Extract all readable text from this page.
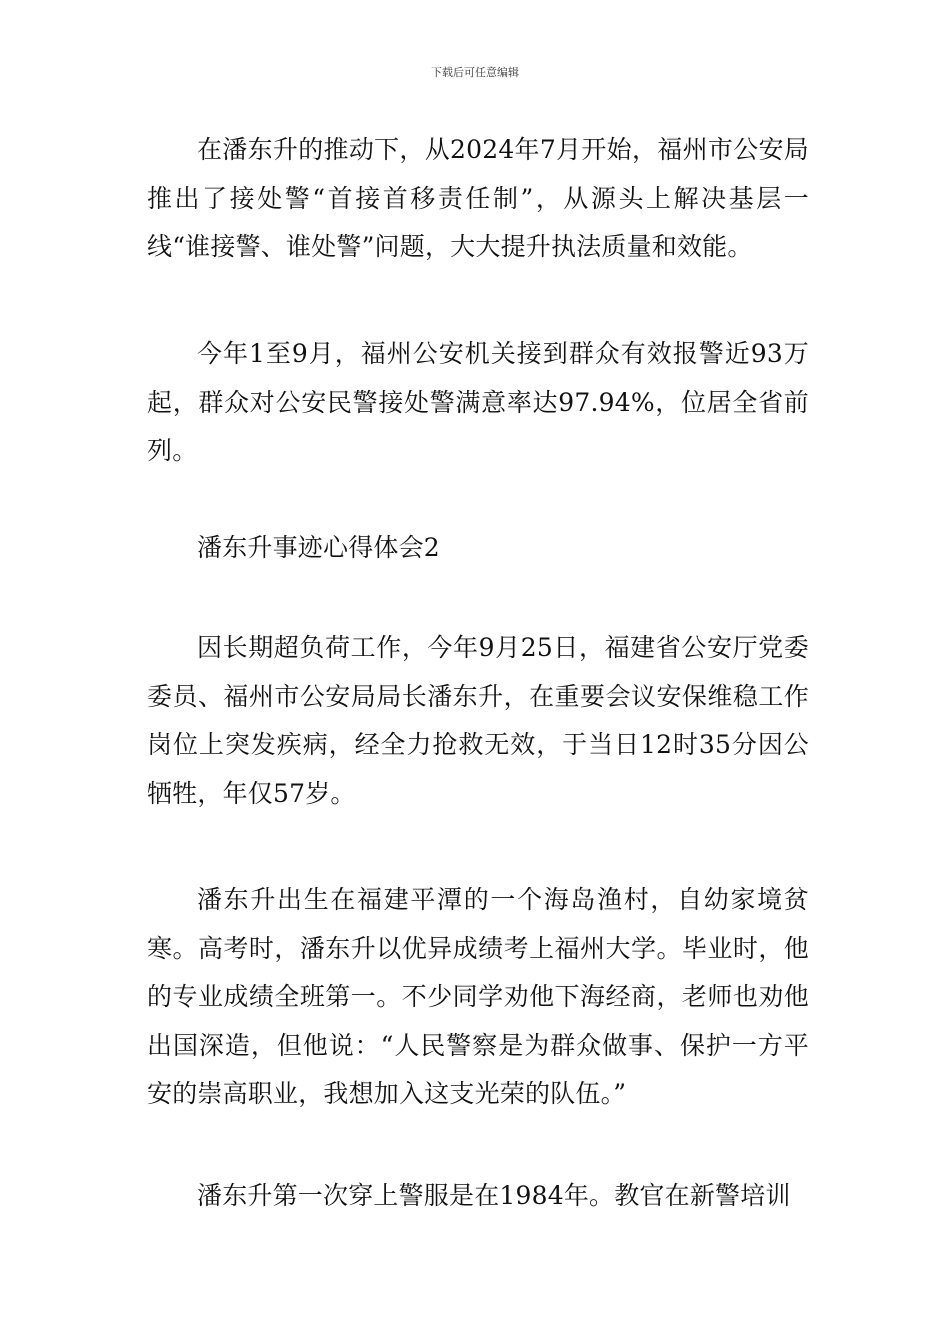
下载后可任意编辑

在潘东升的推动下，从2024年7月开始，福州市公安局推出了接处警“首接首移责任制”，从源头上解决基层一线“谁接警、谁处警”问题，大大提升执法质量和效能。

今年1至9月，福州公安机关接到群众有效报警近93万起，群众对公安民警接处警满意率达97.94%，位居全省前列。

潘东升事迹心得体会2

因长期超负荷工作，今年9月25日，福建省公安厅党委委员、福州市公安局局长潘东升，在重要会议安保维稳工作岗位上突发疾病，经全力抢救无效，于当日12时35分因公牺牲，年仅57岁。

潘东升出生在福建平潭的一个海岛渔村，自幼家境贫寒。高考时，潘东升以优异成绩考上福州大学。毕业时，他的专业成绩全班第一。不少同学劝他下海经商，老师也劝他出国深造，但他说：“人民警察是为群众做事、保护一方平安的崇高职业，我想加入这支光荣的队伍。”

潘东升第一次穿上警服是在1984年。教官在新警培训
